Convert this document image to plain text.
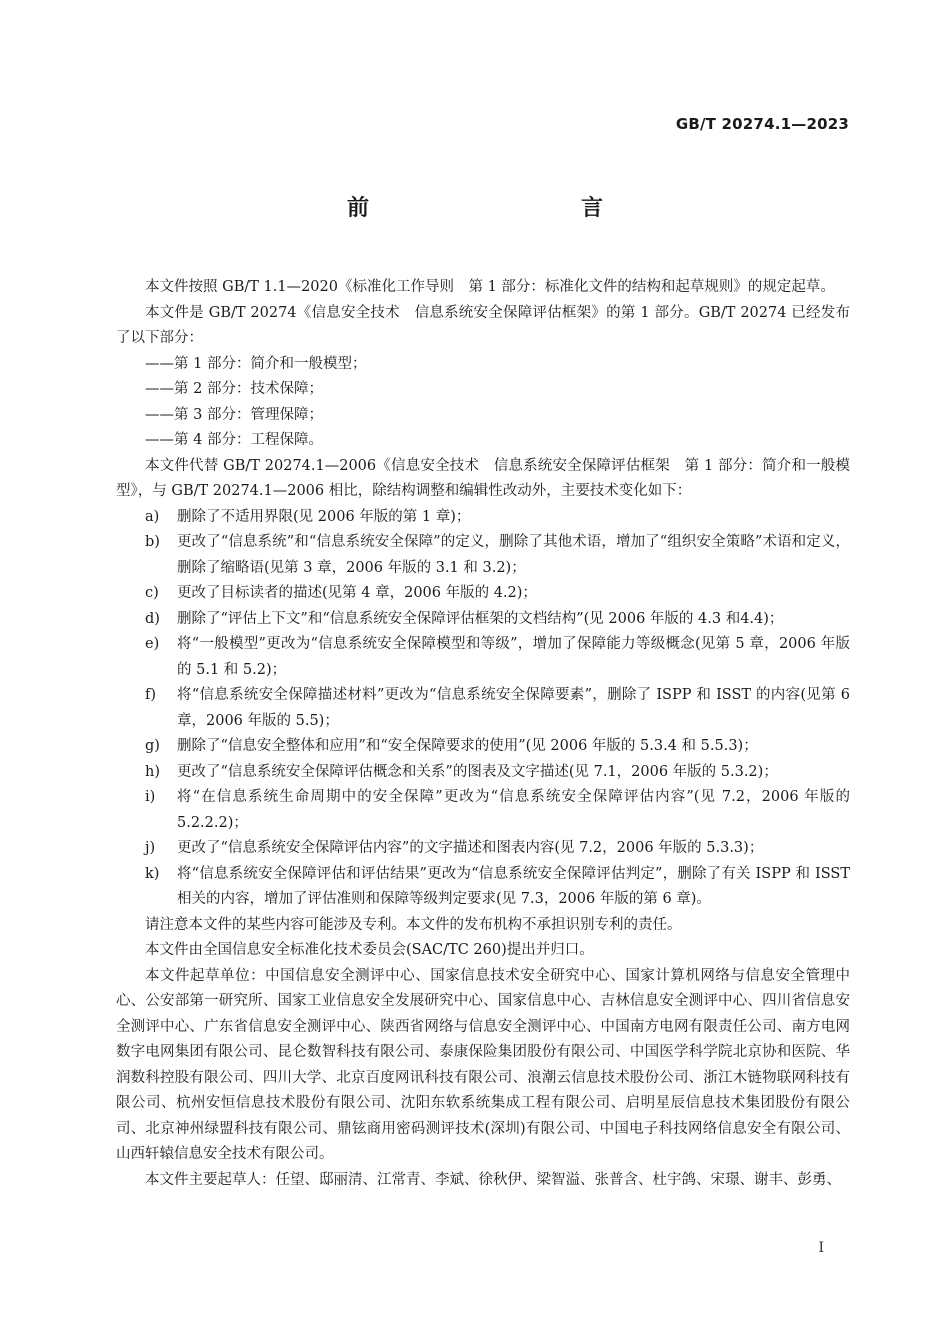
GB/T 20274.1—2023
前　　言

本文件按照 GB/T 1.1—2020《标准化工作导则　第 1 部分：标准化文件的结构和起草规则》的规定起草。

本文件是 GB/T 20274《信息安全技术　信息系统安全保障评估框架》的第 1 部分。GB/T 20274 已经发布了以下部分：

——第 1 部分：简介和一般模型；

——第 2 部分：技术保障；

——第 3 部分：管理保障；

——第 4 部分：工程保障。

本文件代替 GB/T 20274.1—2006《信息安全技术　信息系统安全保障评估框架　第 1 部分：简介和一般模型》，与 GB/T 20274.1—2006 相比，除结构调整和编辑性改动外，主要技术变化如下：

a)	删除了不适用界限(见 2006 年版的第 1 章)；
b)	更改了“信息系统”和“信息系统安全保障”的定义，删除了其他术语，增加了“组织安全策略”术语和定义，删除了缩略语(见第 3 章，2006 年版的 3.1 和 3.2)；
c)	更改了目标读者的描述(见第 4 章，2006 年版的 4.2)；
d)	删除了“评估上下文”和“信息系统安全保障评估框架的文档结构”(见 2006 年版的 4.3 和4.4)；
e)	将“一般模型”更改为“信息系统安全保障模型和等级”，增加了保障能力等级概念(见第 5 章，2006 年版的 5.1 和 5.2)；
f)	将“信息系统安全保障描述材料”更改为“信息系统安全保障要素”，删除了 ISPP 和 ISST 的内容(见第 6 章，2006 年版的 5.5)；
g)	删除了“信息安全整体和应用”和“安全保障要求的使用”(见 2006 年版的 5.3.4 和 5.5.3)；
h)	更改了“信息系统安全保障评估概念和关系”的图表及文字描述(见 7.1，2006 年版的 5.3.2)；
i)	将“在信息系统生命周期中的安全保障”更改为“信息系统安全保障评估内容”(见 7.2，2006 年版的 5.2.2.2)；
j)	更改了“信息系统安全保障评估内容”的文字描述和图表内容(见 7.2，2006 年版的 5.3.3)；
k)	将“信息系统安全保障评估和评估结果”更改为“信息系统安全保障评估判定”，删除了有关 ISPP 和 ISST 相关的内容，增加了评估准则和保障等级判定要求(见 7.3，2006 年版的第 6 章)。

请注意本文件的某些内容可能涉及专利。本文件的发布机构不承担识别专利的责任。

本文件由全国信息安全标准化技术委员会(SAC/TC 260)提出并归口。

本文件起草单位：中国信息安全测评中心、国家信息技术安全研究中心、国家计算机网络与信息安全管理中心、公安部第一研究所、国家工业信息安全发展研究中心、国家信息中心、吉林信息安全测评中心、四川省信息安全测评中心、广东省信息安全测评中心、陕西省网络与信息安全测评中心、中国南方电网有限责任公司、南方电网数字电网集团有限公司、昆仑数智科技有限公司、泰康保险集团股份有限公司、中国医学科学院北京协和医院、华润数科控股有限公司、四川大学、北京百度网讯科技有限公司、浪潮云信息技术股份公司、浙江木链物联网科技有限公司、杭州安恒信息技术股份有限公司、沈阳东软系统集成工程有限公司、启明星辰信息技术集团股份有限公司、北京神州绿盟科技有限公司、鼎铉商用密码测评技术(深圳)有限公司、中国电子科技网络信息安全有限公司、山西轩辕信息安全技术有限公司。

本文件主要起草人：任望、邸丽清、江常青、李斌、徐秋伊、梁智溢、张普含、杜宇鸽、宋璟、谢丰、彭勇、

I
